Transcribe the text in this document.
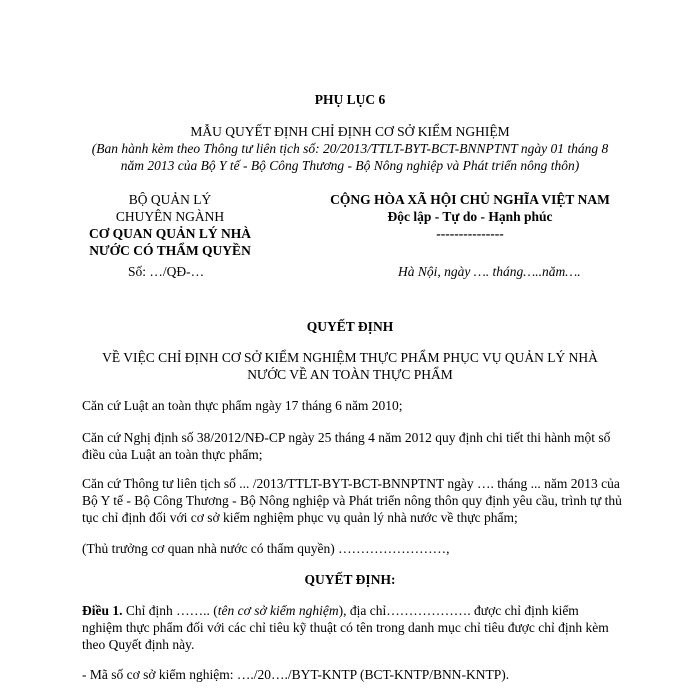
PHỤ LỤC 6
MẪU QUYẾT ĐỊNH CHỈ ĐỊNH CƠ SỞ KIỂM NGHIỆM
(Ban hành kèm theo Thông tư liên tịch số: 20/2013/TTLT-BYT-BCT-BNNPTNT ngày 01 tháng 8 năm 2013 của Bộ Y tế - Bộ Công Thương - Bộ Nông nghiệp và Phát triển nông thôn)
BỘ QUẢN LÝ
CHUYÊN NGÀNH
CƠ QUAN QUẢN LÝ NHÀ
NƯỚC CÓ THẨM QUYỀN
CỘNG HÒA XÃ HỘI CHỦ NGHĨA VIỆT NAM
Độc lập - Tự do - Hạnh phúc
---------------
Số: …/QĐ-…	Hà Nội, ngày …. tháng…..năm….
QUYẾT ĐỊNH
VỀ VIỆC CHỈ ĐỊNH CƠ SỞ KIỂM NGHIỆM THỰC PHẨM PHỤC VỤ QUẢN LÝ NHÀ NƯỚC VỀ AN TOÀN THỰC PHẨM
Căn cứ Luật an toàn thực phẩm ngày 17 tháng 6 năm 2010;
Căn cứ Nghị định số 38/2012/NĐ-CP ngày 25 tháng 4 năm 2012 quy định chi tiết thi hành một số điều của Luật an toàn thực phẩm;
Căn cứ Thông tư liên tịch số ... /2013/TTLT-BYT-BCT-BNNPTNT ngày …. tháng ... năm 2013 của Bộ Y tế - Bộ Công Thương - Bộ Nông nghiệp và Phát triển nông thôn quy định yêu cầu, trình tự thủ tục chỉ định đối với cơ sở kiểm nghiệm phục vụ quản lý nhà nước về thực phẩm;
(Thủ trưởng cơ quan nhà nước có thẩm quyền) ……………………,
QUYẾT ĐỊNH:
Điều 1. Chỉ định …….. (tên cơ sở kiểm nghiệm), địa chỉ………………. được chỉ định kiểm nghiệm thực phẩm đối với các chỉ tiêu kỹ thuật có tên trong danh mục chỉ tiêu được chỉ định kèm theo Quyết định này.
- Mã số cơ sở kiểm nghiệm: …./20…./BYT-KNTP (BCT-KNTP/BNN-KNTP).
